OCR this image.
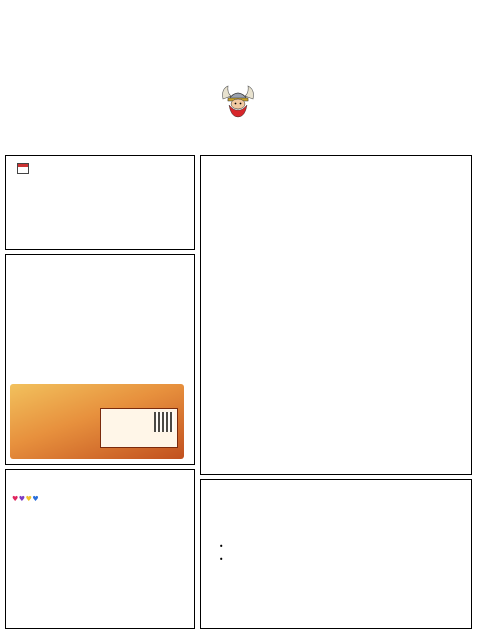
♥♥♥♥
•

•
